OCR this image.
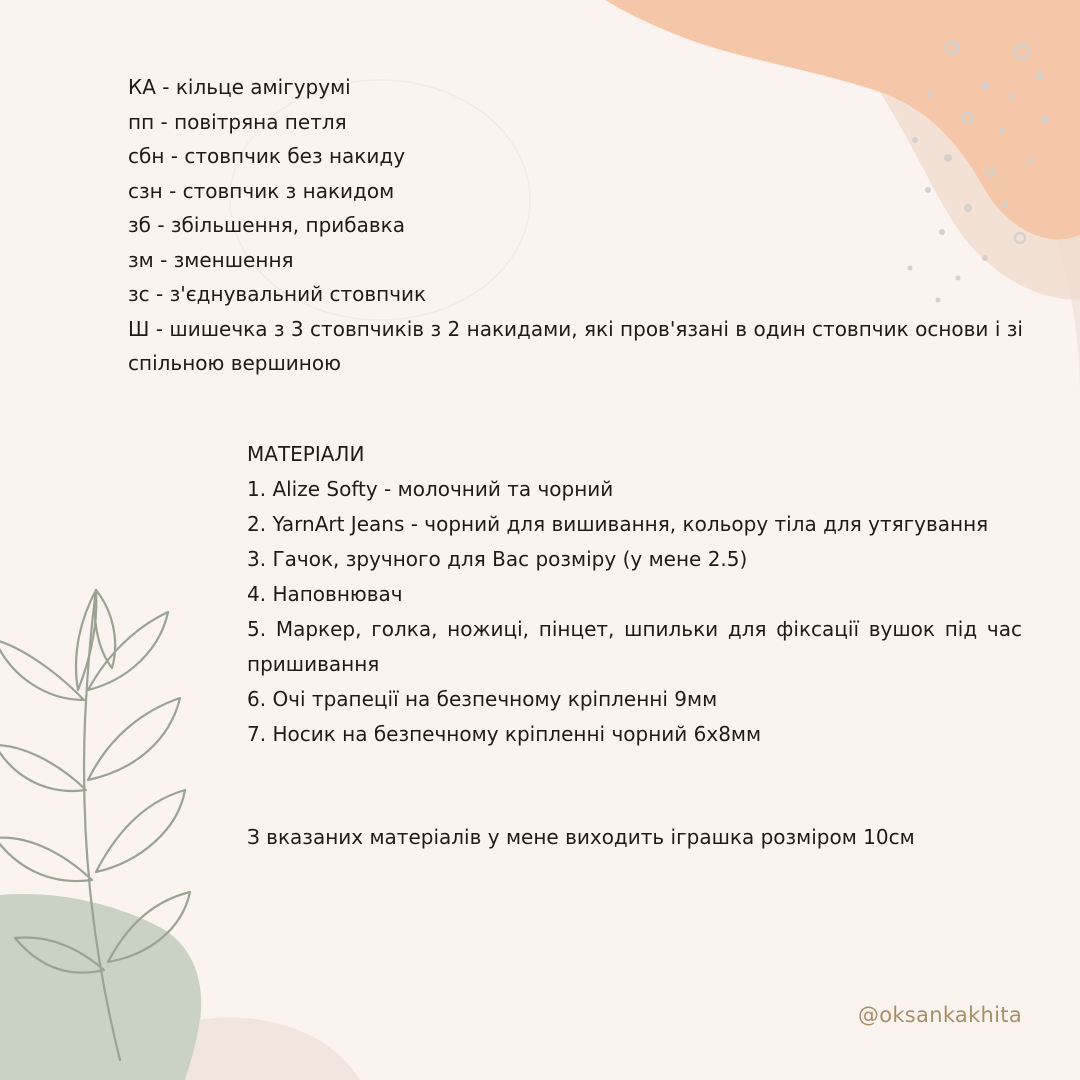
КА - кільце амігурумі

пп - повітряна петля

сбн - стовпчик без накиду

сзн - стовпчик з накидом

зб - збільшення, прибавка

зм - зменшення

зс - з'єднувальний стовпчик

Ш - шишечка з 3 стовпчиків з 2 накидами, які пров'язані в один стовпчик основи і зі спільною вершиною

МАТЕРІАЛИ

1. Alize Softy - молочний та чорний
2. YarnArt Jeans - чорний для вишивання, кольору тіла для утягування
3. Гачок, зручного для Вас розміру (у мене 2.5)
4. Наповнювач
5. Маркер, голка, ножиці, пінцет, шпильки для фіксації вушок під час пришивання
6. Очі трапеції на безпечному кріпленні 9мм
7. Носик на безпечному кріпленні чорний 6х8мм

З вказаних матеріалів у мене виходить іграшка розміром 10см

@oksankakhita
